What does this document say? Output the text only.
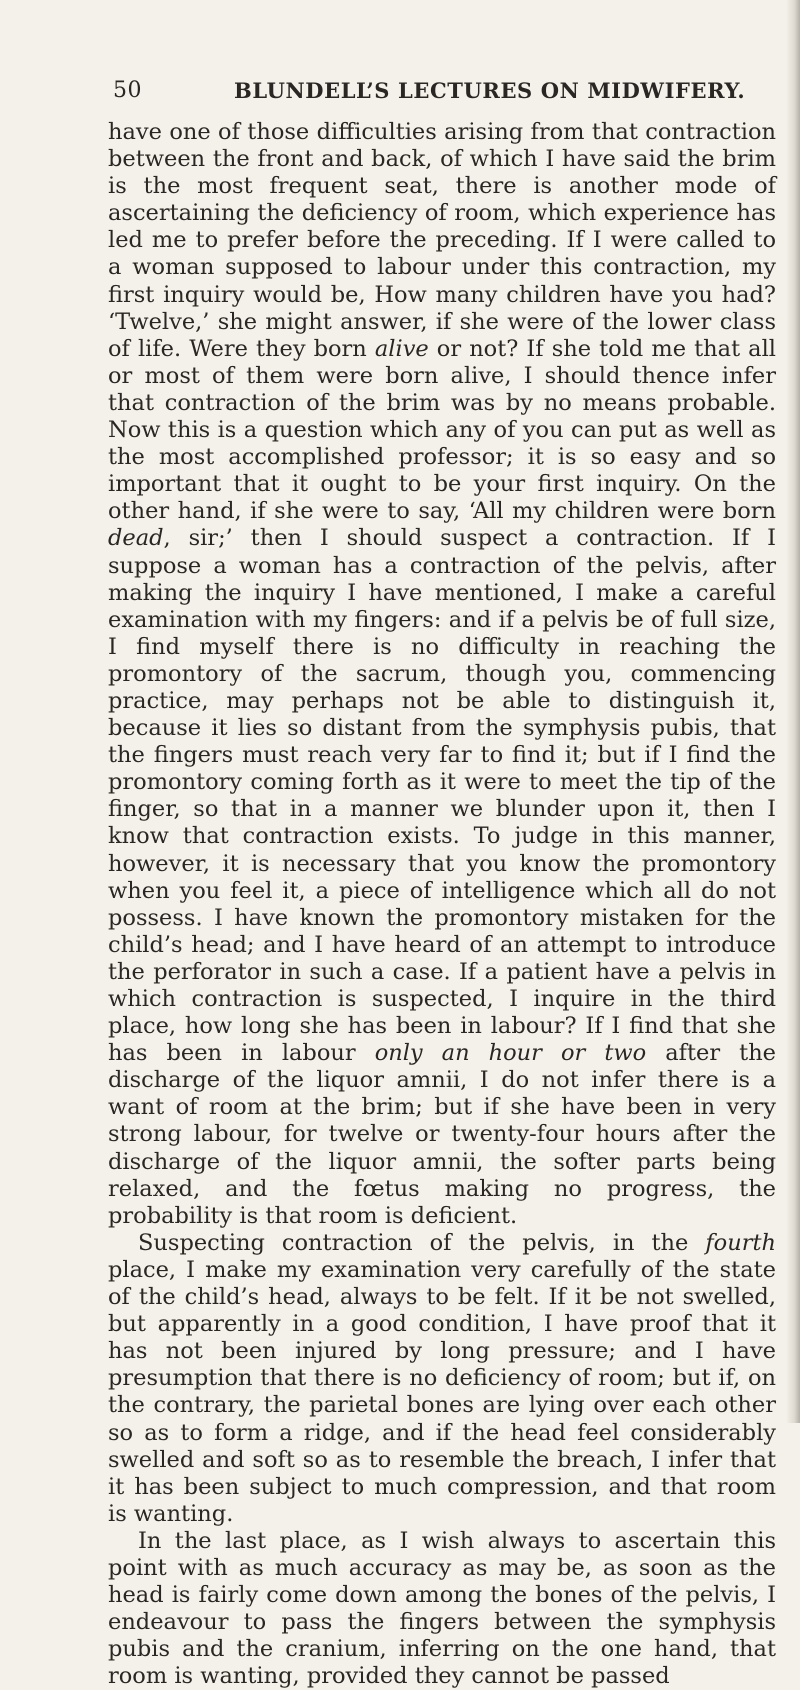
50	BLUNDELL’S LECTURES ON MIDWIFERY.

have one of those difficulties arising from that contraction between the front and back, of which I have said the brim is the most frequent seat, there is another mode of ascertaining the deficiency of room, which experience has led me to prefer before the preceding. If I were called to a woman supposed to labour under this contraction, my first inquiry would be, How many children have you had? ‘Twelve,’ she might answer, if she were of the lower class of life. Were they born alive or not? If she told me that all or most of them were born alive, I should thence infer that contraction of the brim was by no means probable. Now this is a question which any of you can put as well as the most accomplished professor; it is so easy and so important that it ought to be your first inquiry. On the other hand, if she were to say, ‘All my children were born dead, sir;’ then I should suspect a contraction. If I suppose a woman has a contraction of the pelvis, after making the inquiry I have mentioned, I make a careful examination with my fingers: and if a pelvis be of full size, I find myself there is no difficulty in reaching the promontory of the sacrum, though you, commencing practice, may perhaps not be able to distinguish it, because it lies so distant from the symphysis pubis, that the fingers must reach very far to find it; but if I find the promontory coming forth as it were to meet the tip of the finger, so that in a manner we blunder upon it, then I know that contraction exists. To judge in this manner, however, it is necessary that you know the promontory when you feel it, a piece of intelligence which all do not possess. I have known the promontory mistaken for the child’s head; and I have heard of an attempt to introduce the perforator in such a case. If a patient have a pelvis in which contraction is suspected, I inquire in the third place, how long she has been in labour? If I find that she has been in labour only an hour or two after the discharge of the liquor amnii, I do not infer there is a want of room at the brim; but if she have been in very strong labour, for twelve or twenty-four hours after the discharge of the liquor amnii, the softer parts being relaxed, and the fœtus making no progress, the probability is that room is deficient.

Suspecting contraction of the pelvis, in the fourth place, I make my examination very carefully of the state of the child’s head, always to be felt. If it be not swelled, but apparently in a good condition, I have proof that it has not been injured by long pressure; and I have presumption that there is no deficiency of room; but if, on the contrary, the parietal bones are lying over each other so as to form a ridge, and if the head feel considerably swelled and soft so as to resemble the breach, I infer that it has been subject to much compression, and that room is wanting.

In the last place, as I wish always to ascertain this point with as much accuracy as may be, as soon as the head is fairly come down among the bones of the pelvis, I endeavour to pass the fingers between the symphysis pubis and the cranium, inferring on the one hand, that room is wanting, provided they cannot be passed
